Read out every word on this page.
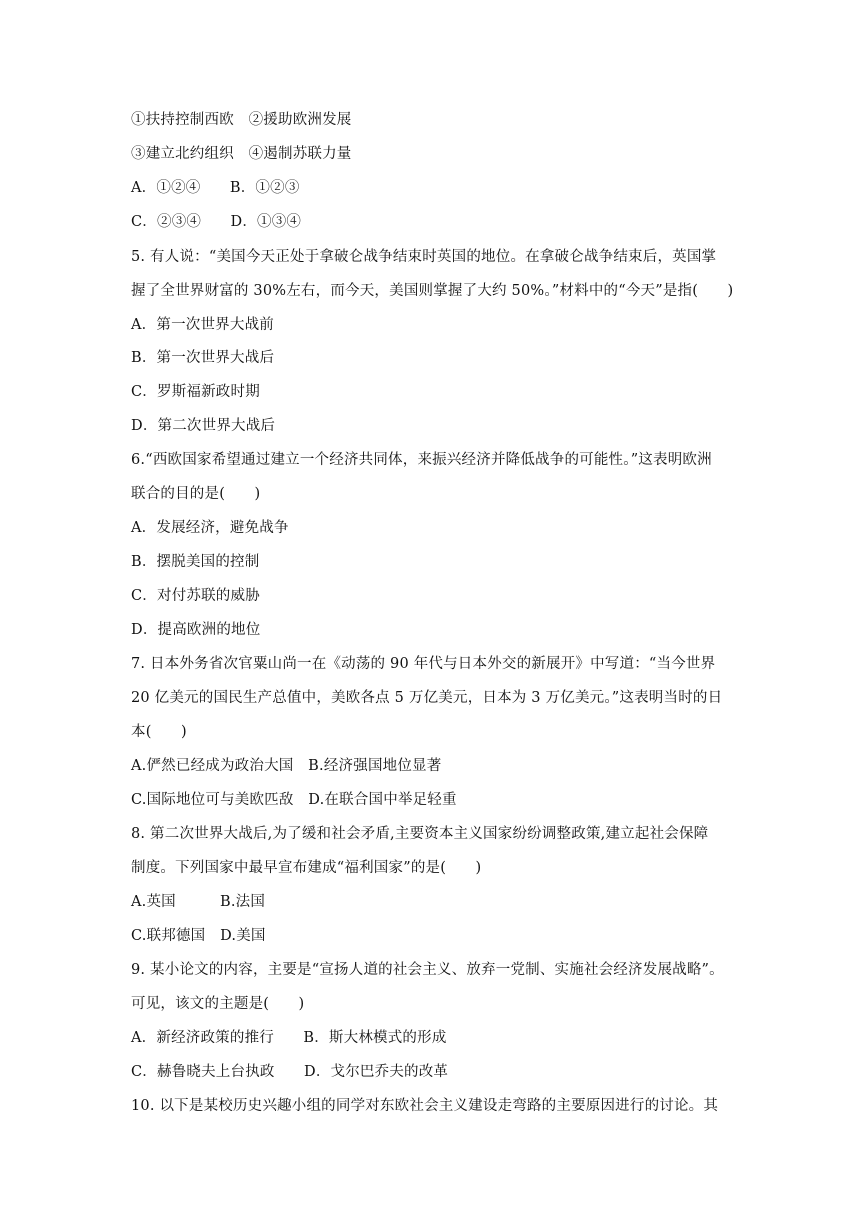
①扶持控制西欧　②援助欧洲发展
③建立北约组织　④遏制苏联力量
A．①②④　　B．①②③
C．②③④　　D．①③④
5. 有人说：“美国今天正处于拿破仑战争结束时英国的地位。在拿破仑战争结束后，英国掌
握了全世界财富的 30%左右，而今天，美国则掌握了大约 50%。”材料中的“今天”是指(　　)
A．第一次世界大战前
B．第一次世界大战后
C．罗斯福新政时期
D．第二次世界大战后
6.“西欧国家希望通过建立一个经济共同体，来振兴经济并降低战争的可能性。”这表明欧洲
联合的目的是(　　)
A．发展经济，避免战争
B．摆脱美国的控制
C．对付苏联的威胁
D．提高欧洲的地位
7. 日本外务省次官粟山尚一在《动荡的 90 年代与日本外交的新展开》中写道：“当今世界
20 亿美元的国民生产总值中，美欧各点 5 万亿美元，日本为 3 万亿美元。”这表明当时的日
本(　　)
A.俨然已经成为政治大国　B.经济强国地位显著
C.国际地位可与美欧匹敌　D.在联合国中举足轻重
8. 第二次世界大战后,为了缓和社会矛盾,主要资本主义国家纷纷调整政策,建立起社会保障
制度。下列国家中最早宣布建成“福利国家”的是(　　)
A.英国　　　B.法国
C.联邦德国　D.美国
9. 某小论文的内容，主要是“宣扬人道的社会主义、放弃一党制、实施社会经济发展战略”。
可见，该文的主题是(　　)
A．新经济政策的推行　　B．斯大林模式的形成
C．赫鲁晓夫上台执政　　D．戈尔巴乔夫的改革
10. 以下是某校历史兴趣小组的同学对东欧社会主义建设走弯路的主要原因进行的讨论。其
